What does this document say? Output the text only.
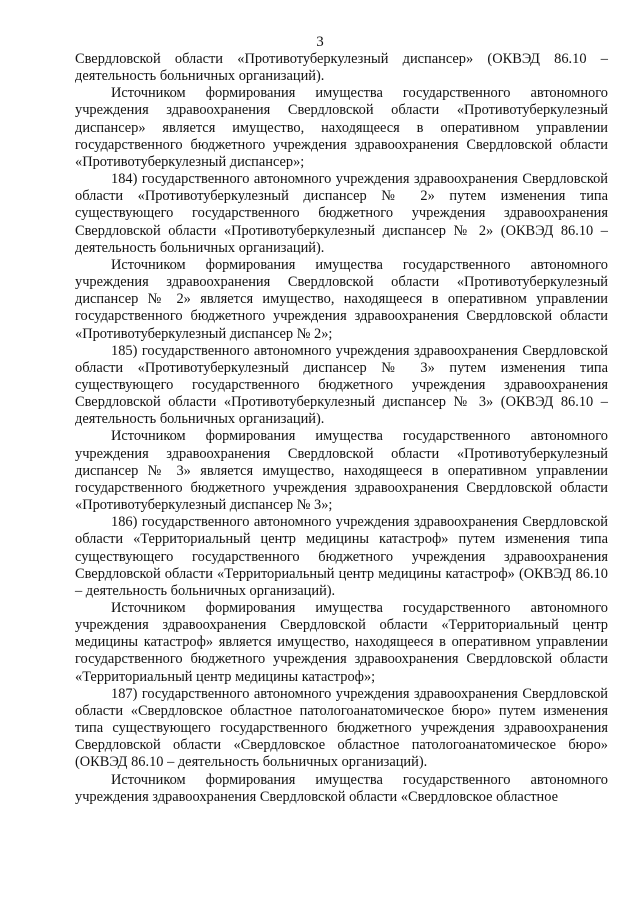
3

Свердловской области «Противотуберкулезный диспансер» (ОКВЭД 86.10 – деятельность больничных организаций).

Источником формирования имущества государственного автономного учреждения здравоохранения Свердловской области «Противотуберкулезный диспансер» является имущество, находящееся в оперативном управлении государственного бюджетного учреждения здравоохранения Свердловской области «Противотуберкулезный диспансер»;

184) государственного автономного учреждения здравоохранения Свердловской области «Противотуберкулезный диспансер № 2» путем изменения типа существующего государственного бюджетного учреждения здравоохранения Свердловской области «Противотуберкулезный диспансер № 2» (ОКВЭД 86.10 – деятельность больничных организаций).

Источником формирования имущества государственного автономного учреждения здравоохранения Свердловской области «Противотуберкулезный диспансер № 2» является имущество, находящееся в оперативном управлении государственного бюджетного учреждения здравоохранения Свердловской области «Противотуберкулезный диспансер № 2»;

185) государственного автономного учреждения здравоохранения Свердловской области «Противотуберкулезный диспансер № 3» путем изменения типа существующего государственного бюджетного учреждения здравоохранения Свердловской области «Противотуберкулезный диспансер № 3» (ОКВЭД 86.10 – деятельность больничных организаций).

Источником формирования имущества государственного автономного учреждения здравоохранения Свердловской области «Противотуберкулезный диспансер № 3» является имущество, находящееся в оперативном управлении государственного бюджетного учреждения здравоохранения Свердловской области «Противотуберкулезный диспансер № 3»;

186) государственного автономного учреждения здравоохранения Свердловской области «Территориальный центр медицины катастроф» путем изменения типа существующего государственного бюджетного учреждения здравоохранения Свердловской области «Территориальный центр медицины катастроф» (ОКВЭД 86.10 – деятельность больничных организаций).

Источником формирования имущества государственного автономного учреждения здравоохранения Свердловской области «Территориальный центр медицины катастроф» является имущество, находящееся в оперативном управлении государственного бюджетного учреждения здравоохранения Свердловской области «Территориальный центр медицины катастроф»;

187) государственного автономного учреждения здравоохранения Свердловской области «Свердловское областное патологоанатомическое бюро» путем изменения типа существующего государственного бюджетного учреждения здравоохранения Свердловской области «Свердловское областное патологоанатомическое бюро» (ОКВЭД 86.10 – деятельность больничных организаций).

Источником формирования имущества государственного автономного учреждения здравоохранения Свердловской области «Свердловское областное
